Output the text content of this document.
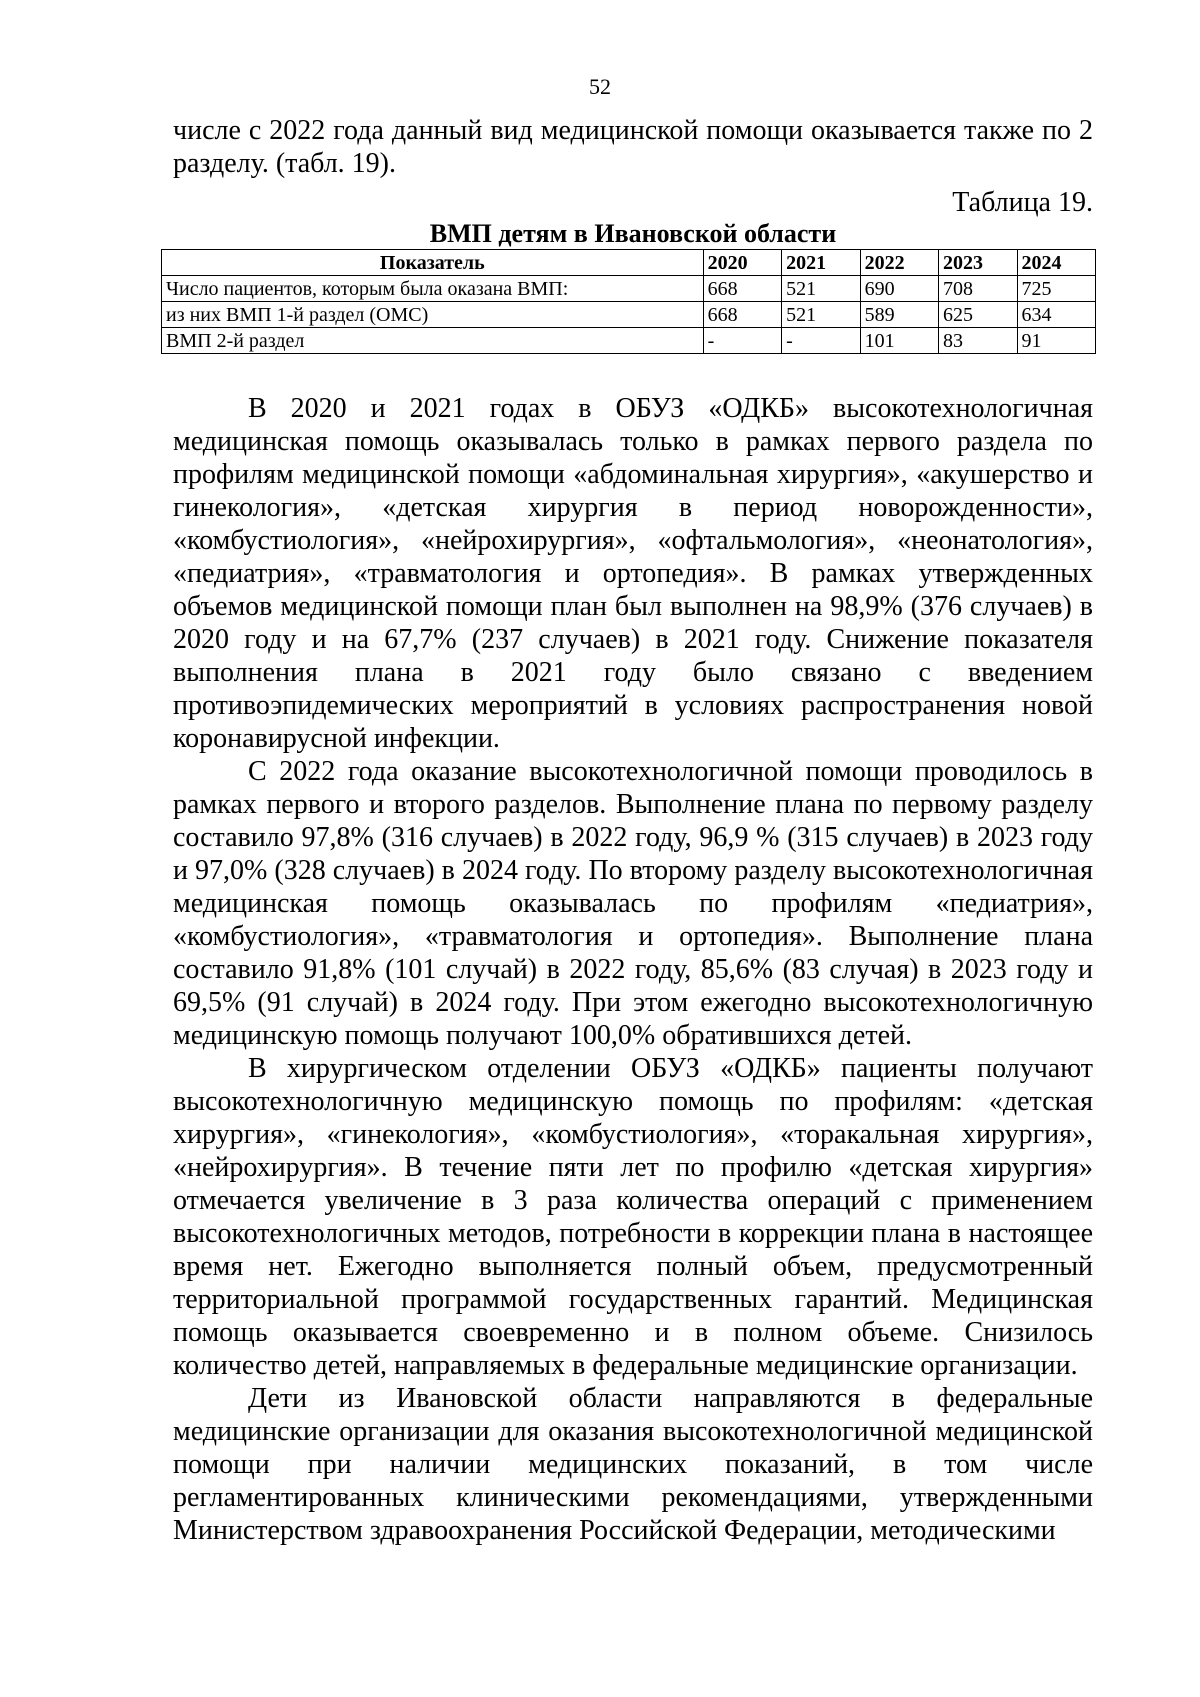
52

числе с 2022 года данный вид медицинской помощи оказывается также по 2 разделу. (табл. 19).

Таблица 19.

ВМП детям в Ивановской области

Показатель	2020	2021	2022	2023	2024
Число пациентов, которым была оказана ВМП:	668	521	690	708	725
из них ВМП 1-й раздел (ОМС)	668	521	589	625	634
ВМП 2-й раздел	-	-	101	83	91

В 2020 и 2021 годах в ОБУЗ «ОДКБ» высокотехнологичная медицинская помощь оказывалась только в рамках первого раздела по профилям медицинской помощи «абдоминальная хирургия», «акушерство и гинекология», «детская хирургия в период новорожденности», «комбустиология», «нейрохирургия», «офтальмология», «неонатология», «педиатрия», «травматология и ортопедия». В рамках утвержденных объемов медицинской помощи план был выполнен на 98,9% (376 случаев) в 2020 году и на 67,7% (237 случаев) в 2021 году. Снижение показателя выполнения плана в 2021 году было связано с введением противоэпидемических мероприятий в условиях распространения новой коронавирусной инфекции.

С 2022 года оказание высокотехнологичной помощи проводилось в рамках первого и второго разделов. Выполнение плана по первому разделу составило 97,8% (316 случаев) в 2022 году, 96,9 % (315 случаев) в 2023 году и 97,0% (328 случаев) в 2024 году. По второму разделу высокотехнологичная медицинская помощь оказывалась по профилям «педиатрия», «комбустиология», «травматология и ортопедия». Выполнение плана составило 91,8% (101 случай) в 2022 году, 85,6% (83 случая) в 2023 году и 69,5% (91 случай) в 2024 году. При этом ежегодно высокотехнологичную медицинскую помощь получают 100,0% обратившихся детей.

В хирургическом отделении ОБУЗ «ОДКБ» пациенты получают высокотехнологичную медицинскую помощь по профилям: «детская хирургия», «гинекология», «комбустиология», «торакальная хирургия», «нейрохирургия». В течение пяти лет по профилю «детская хирургия» отмечается увеличение в 3 раза количества операций с применением высокотехнологичных методов, потребности в коррекции плана в настоящее время нет. Ежегодно выполняется полный объем, предусмотренный территориальной программой государственных гарантий. Медицинская помощь оказывается своевременно и в полном объеме. Снизилось количество детей, направляемых в федеральные медицинские организации.

Дети из Ивановской области направляются в федеральные медицинские организации для оказания высокотехнологичной медицинской помощи при наличии медицинских показаний, в том числе регламентированных клиническими рекомендациями, утвержденными Министерством здравоохранения Российской Федерации, методическими
